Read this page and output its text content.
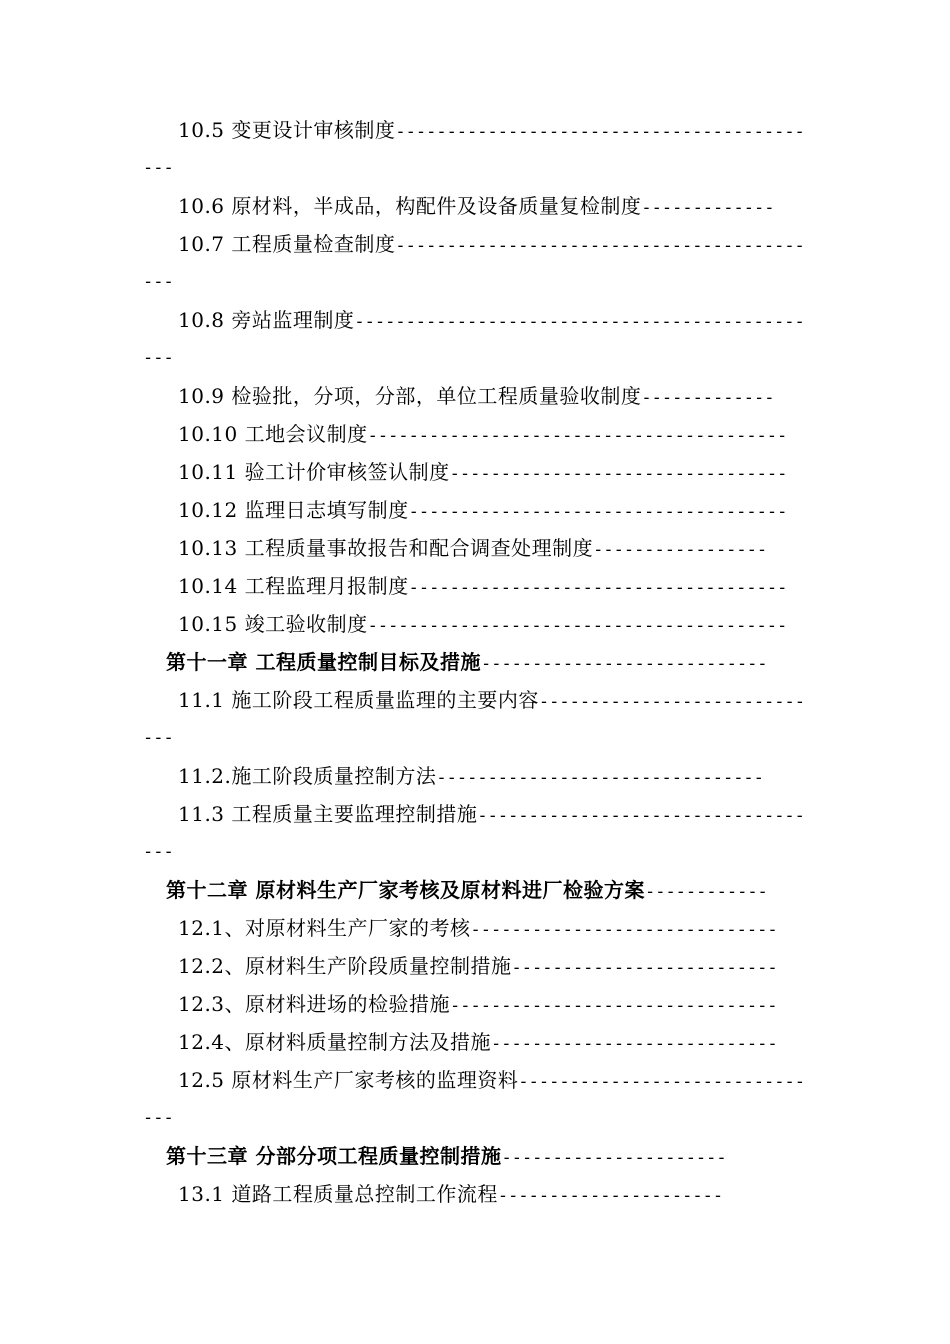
10.5 变更设计审核制度----------------------------------------
---
10.6 原材料，半成品，构配件及设备质量复检制度-------------
10.7 工程质量检查制度----------------------------------------
---
10.8 旁站监理制度--------------------------------------------
---
10.9 检验批，分项，分部，单位工程质量验收制度-------------
10.10 工地会议制度-----------------------------------------
10.11 验工计价审核签认制度---------------------------------
10.12 监理日志填写制度-------------------------------------
10.13 工程质量事故报告和配合调查处理制度-----------------
10.14 工程监理月报制度-------------------------------------
10.15 竣工验收制度-----------------------------------------
第十一章 工程质量控制目标及措施----------------------------
11.1 施工阶段工程质量监理的主要内容--------------------------
---
11.2.施工阶段质量控制方法--------------------------------
11.3 工程质量主要监理控制措施--------------------------------
---
第十二章 原材料生产厂家考核及原材料进厂检验方案------------
12.1、对原材料生产厂家的考核------------------------------
12.2、原材料生产阶段质量控制措施--------------------------
12.3、原材料进场的检验措施--------------------------------
12.4、原材料质量控制方法及措施----------------------------
12.5 原材料生产厂家考核的监理资料----------------------------
---
第十三章 分部分项工程质量控制措施----------------------
13.1 道路工程质量总控制工作流程----------------------
